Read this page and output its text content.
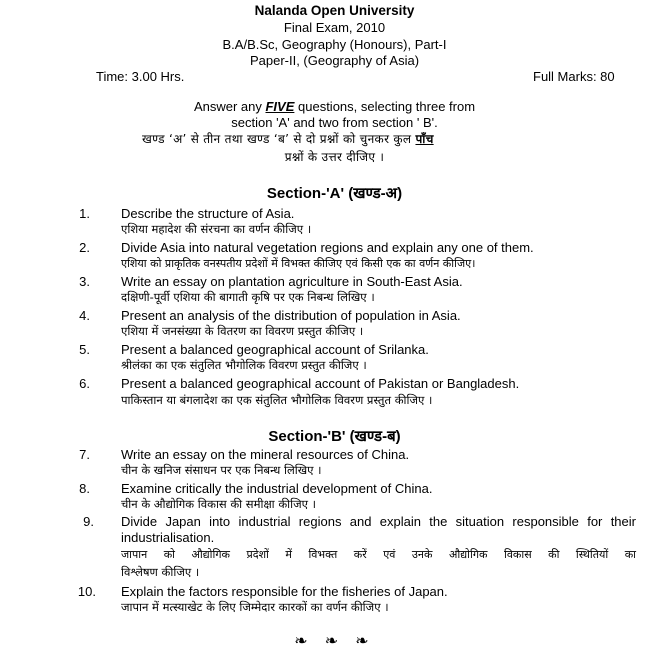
Nalanda Open University
Final Exam, 2010
B.A/B.Sc, Geography (Honours), Part-I
Paper-II, (Geography of Asia)
Time: 3.00 Hrs.	Full Marks: 80
Answer any FIVE questions, selecting three from
section 'A' and two from section ' B'.
खण्ड ‘अ’ से तीन तथा खण्ड ‘ब’ से दो प्रश्नों को चुनकर कुल पाँच
प्रश्नों के उत्तर दीजिए ।
Section-'A' (खण्ड-अ)
1. Describe the structure of Asia.
एशिया महादेश की संरचना का वर्णन कीजिए ।
2. Divide Asia into natural vegetation regions and explain any one of them.
एशिया को प्राकृतिक वनस्पतीय प्रदेशों में विभक्त कीजिए एवं किसी एक का वर्णन कीजिए।
3. Write an essay on plantation agriculture in South-East Asia.
दक्षिणी-पूर्वी एशिया की बागाती कृषि पर एक निबन्ध लिखिए ।
4. Present an analysis of the distribution of population in Asia.
एशिया में जनसंख्या के वितरण का विवरण प्रस्तुत कीजिए ।
5. Present a balanced geographical account of Srilanka.
श्रीलंका का एक संतुलित भौगोलिक विवरण प्रस्तुत कीजिए ।
6. Present a balanced geographical account of Pakistan or Bangladesh.
पाकिस्तान या बंगलादेश का एक संतुलित भौगोलिक विवरण प्रस्तुत कीजिए ।
Section-'B' (खण्ड-ब)
7. Write an essay on the mineral resources of China.
चीन के खनिज संसाधन पर एक निबन्ध लिखिए ।
8. Examine critically the industrial development of China.
चीन के औद्योगिक विकास की समीक्षा कीजिए ।
9. Divide Japan into industrial regions and explain the situation responsible for their
industrialisation.
जापान को औद्योगिक प्रदेशों में विभक्त करें एवं उनके औद्योगिक विकास की स्थितियों का
विश्लेषण कीजिए ।
10. Explain the factors responsible for the fisheries of Japan.
जापान में मत्स्याखेट के लिए जिम्मेदार कारकों का वर्णन कीजिए ।
❧ ❧ ❧
